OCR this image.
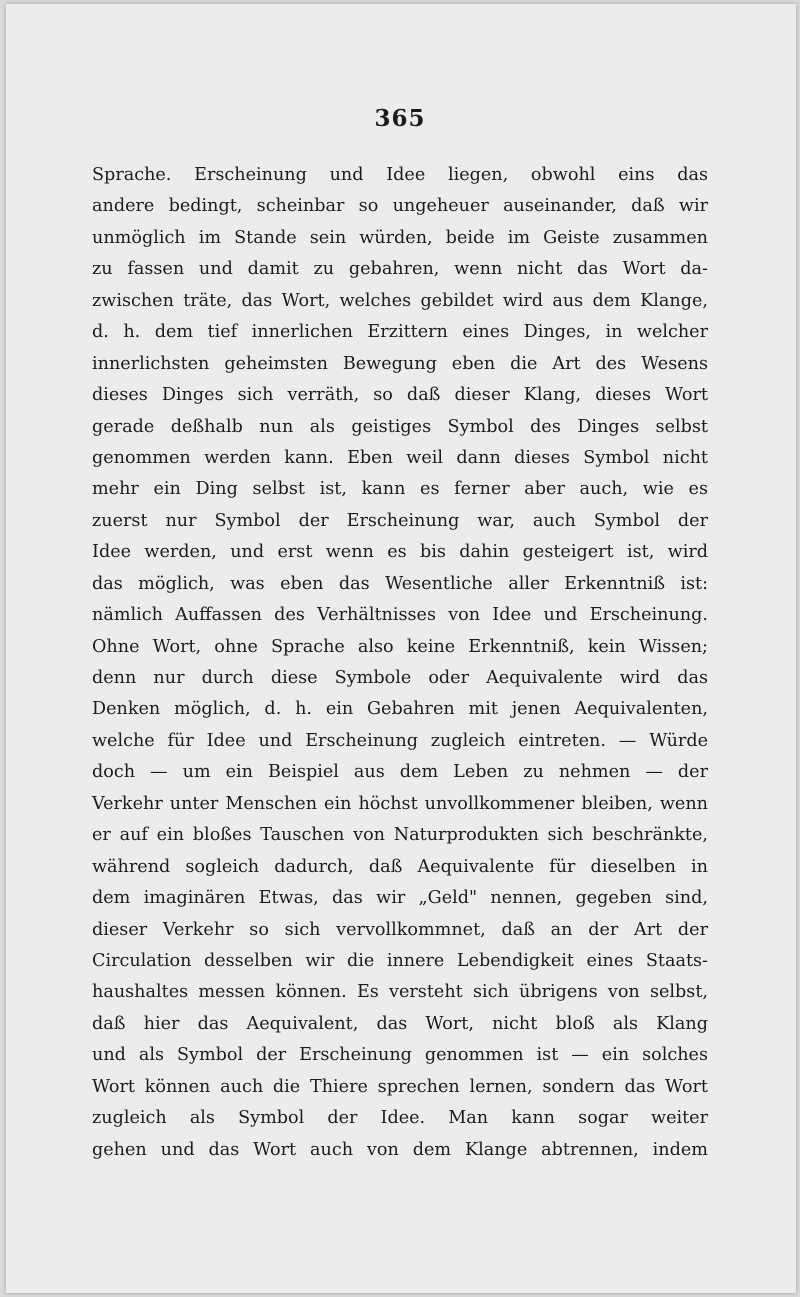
365
Sprache. Erscheinung und Idee liegen, obwohl eins das
andere bedingt, scheinbar so ungeheuer auseinander, daß wir
unmöglich im Stande sein würden, beide im Geiste zusammen
zu fassen und damit zu gebahren, wenn nicht das Wort da-
zwischen träte, das Wort, welches gebildet wird aus dem Klange,
d. h. dem tief innerlichen Erzittern eines Dinges, in welcher
innerlichsten geheimsten Bewegung eben die Art des Wesens
dieses Dinges sich verräth, so daß dieser Klang, dieses Wort
gerade deßhalb nun als geistiges Symbol des Dinges selbst
genommen werden kann. Eben weil dann dieses Symbol nicht
mehr ein Ding selbst ist, kann es ferner aber auch, wie es
zuerst nur Symbol der Erscheinung war, auch Symbol der
Idee werden, und erst wenn es bis dahin gesteigert ist, wird
das möglich, was eben das Wesentliche aller Erkenntniß ist:
nämlich Auffassen des Verhältnisses von Idee und Erscheinung.
Ohne Wort, ohne Sprache also keine Erkenntniß, kein Wissen;
denn nur durch diese Symbole oder Aequivalente wird das
Denken möglich, d. h. ein Gebahren mit jenen Aequivalenten,
welche für Idee und Erscheinung zugleich eintreten. — Würde
doch — um ein Beispiel aus dem Leben zu nehmen — der
Verkehr unter Menschen ein höchst unvollkommener bleiben, wenn
er auf ein bloßes Tauschen von Naturprodukten sich beschränkte,
während sogleich dadurch, daß Aequivalente für dieselben in
dem imaginären Etwas, das wir „Geld" nennen, gegeben sind,
dieser Verkehr so sich vervollkommnet, daß an der Art der
Circulation desselben wir die innere Lebendigkeit eines Staats-
haushaltes messen können. Es versteht sich übrigens von selbst,
daß hier das Aequivalent, das Wort, nicht bloß als Klang
und als Symbol der Erscheinung genommen ist — ein solches
Wort können auch die Thiere sprechen lernen, sondern das Wort
zugleich als Symbol der Idee. Man kann sogar weiter
gehen und das Wort auch von dem Klange abtrennen, indem
